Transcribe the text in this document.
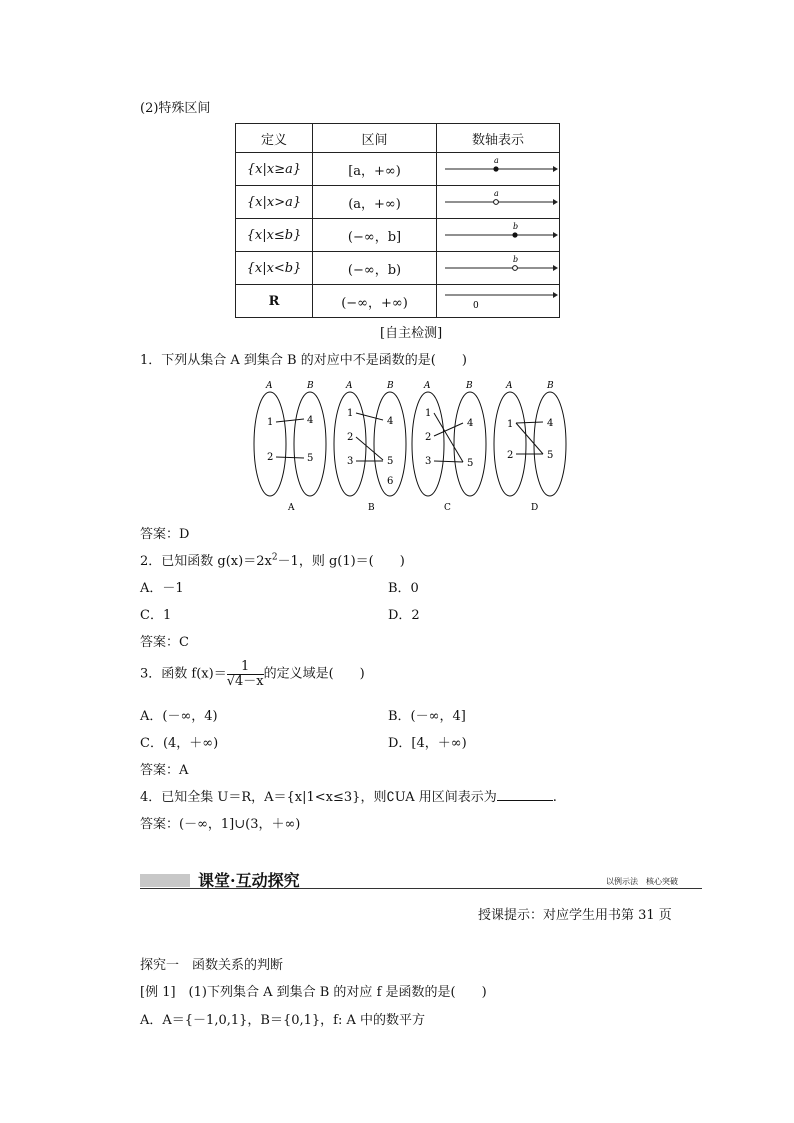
(2)特殊区间
定义	区间	数轴表示
{x|x≥a}	[a，+∞)	a

{x|x>a}	(a，+∞)	a

{x|x≤b}	(−∞，b]	b

{x|x<b}	(−∞，b)	b

R	(−∞，+∞)	0
[自主检测]
1．下列从集合 A 到集合 B 的对应中不是函数的是(　　)
A	B
1
2
4
5
A
A	B
1
2
3
4
5
6
B
A	B
1
2
3
4
5
C
A	B
1
2
4
5
D
答案：D
2．已知函数 $g(x)=2x^2-1$，则 g(1)＝(　　)
A．－1	B．0
C．1	D．2
答案：C
3．函数 $f(x)= \frac{1}{√4-x}$ 的定义域是(　　)
A．(－∞，4)	B．(－∞，4]
C．(4，＋∞)	D．[4，＋∞)
答案：A
4．已知全集 U＝R，A＝{x|1<x≤3}，则∁UA 用区间表示为	.
答案：(－∞，1]∪(3，＋∞)
课堂·互动探究	以例示法　核心突破
授课提示：对应学生用书第 31 页
探究一　函数关系的判断
[例 1]　(1)下列集合 A 到集合 B 的对应 f 是函数的是(　　)
A．A＝{－1,0,1}，B＝{0,1}，f: A 中的数平方
